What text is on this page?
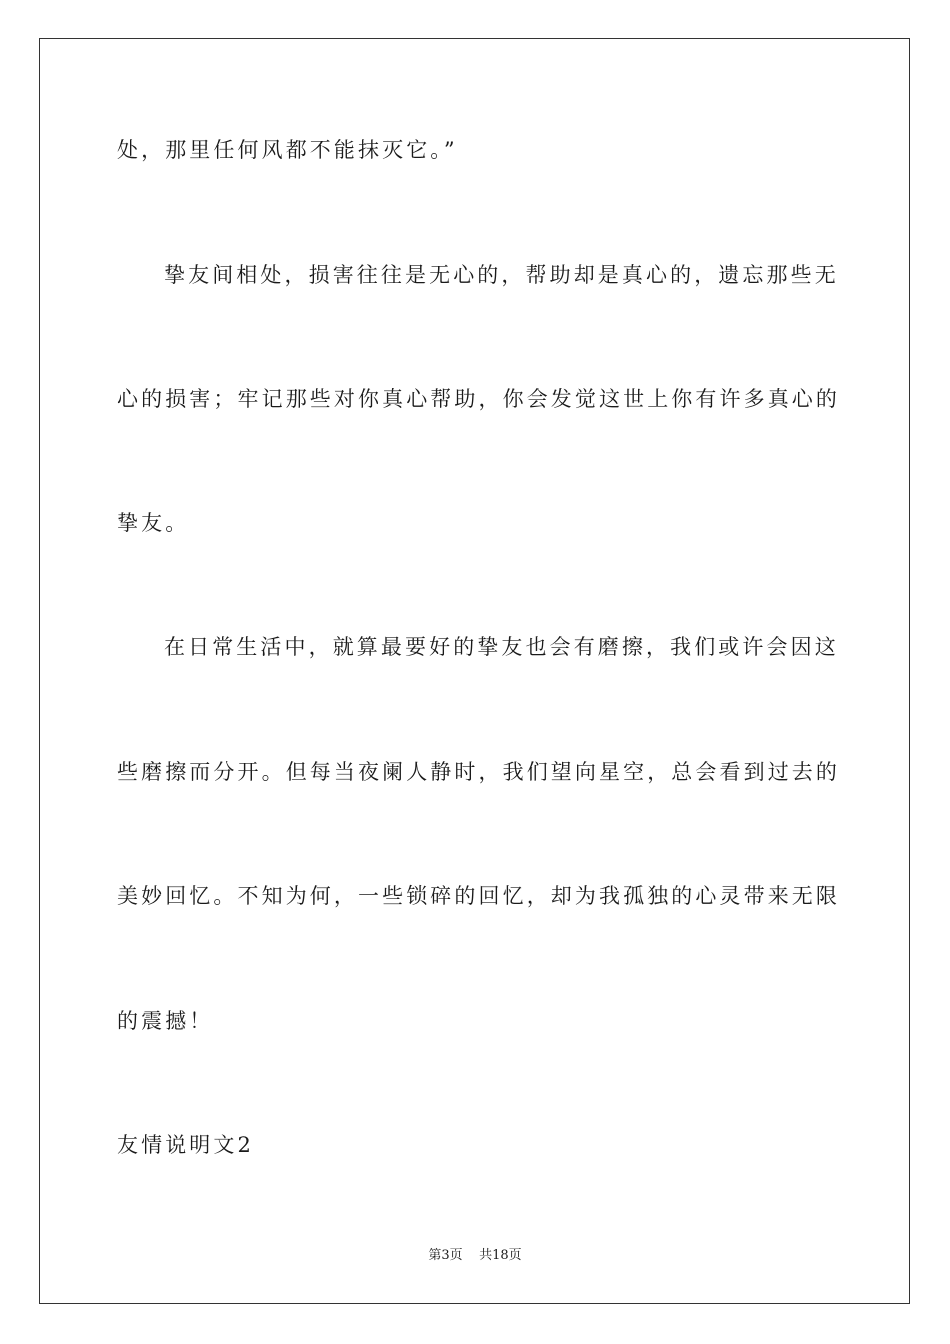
处，那里任何风都不能抹灭它。”
挚友间相处，损害往往是无心的，帮助却是真心的，遗忘那些无
心的损害；牢记那些对你真心帮助，你会发觉这世上你有许多真心的
挚友。
在日常生活中，就算最要好的挚友也会有磨擦，我们或许会因这
些磨擦而分开。但每当夜阑人静时，我们望向星空，总会看到过去的
美妙回忆。不知为何，一些锁碎的回忆，却为我孤独的心灵带来无限
的震撼！
友情说明文2
第3页 共18页
